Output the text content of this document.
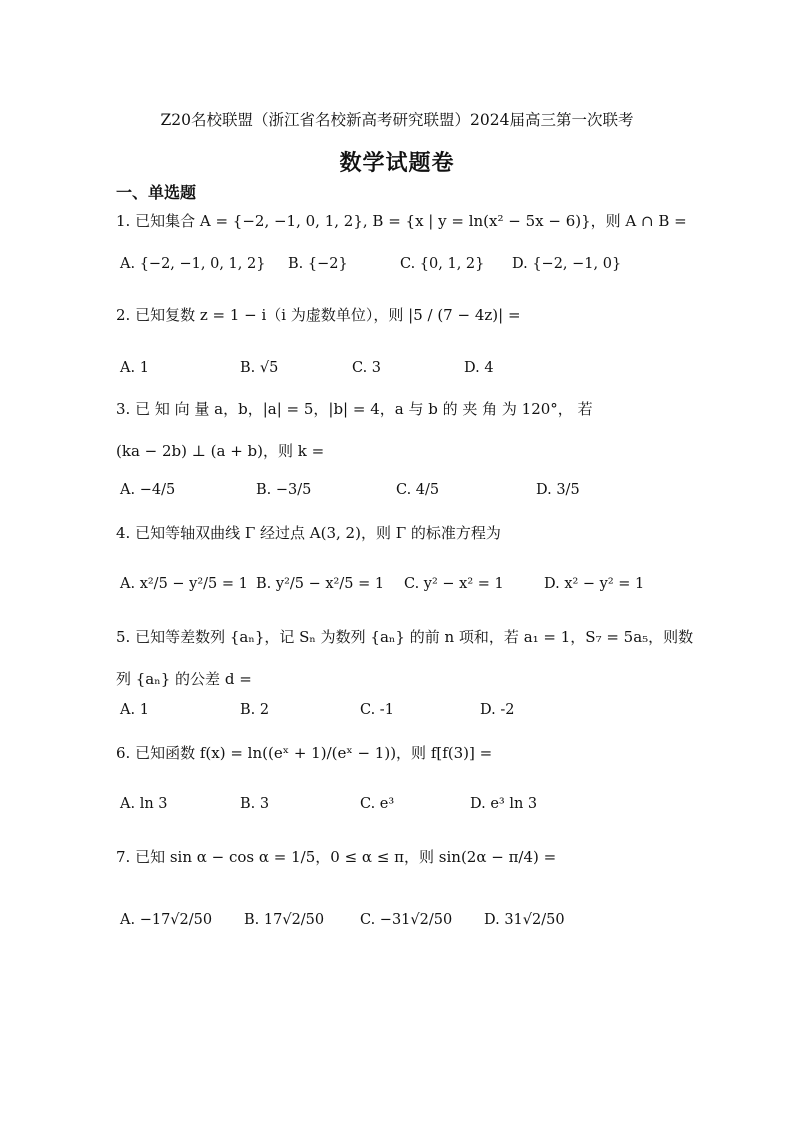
Z20名校联盟（浙江省名校新高考研究联盟）2024届高三第一次联考
数学试题卷
一、单选题
1. 已知集合 A = {−2, −1, 0, 1, 2}, B = {x | y = ln(x² − 5x − 6)}，则 A ∩ B =
A. {−2, −1, 0, 1, 2} B. {−2}	C. {0, 1, 2} D. {−2, −1, 0}
2. 已知复数 z = 1 − i（i 为虚数单位），则 |5 / (7 − 4z)| =
A. 1	B. √5	C. 3	D. 4
3. 已 知 向 量 a，b，|a| = 5，|b| = 4，a 与 b 的 夹 角 为 120°， 若
(ka − 2b) ⊥ (a + b)，则 k =
A. −4/5	B. −3/5	C. 4/5	D. 3/5
4. 已知等轴双曲线 Γ 经过点 A(3, 2)，则 Γ 的标准方程为
A. x²/5 − y²/5 = 1 B. y²/5 − x²/5 = 1 C. y² − x² = 1	D. x² − y² = 1
5. 已知等差数列 {aₙ}，记 Sₙ 为数列 {aₙ} 的前 n 项和，若 a₁ = 1，S₇ = 5a₅，则数
列 {aₙ} 的公差 d =
A. 1	B. 2	C. -1	D. -2
6. 已知函数 f(x) = ln((eˣ + 1)/(eˣ − 1))，则 f[f(3)] =
A. ln 3	B. 3	C. e³	D. e³ ln 3
7. 已知 sin α − cos α = 1/5，0 ≤ α ≤ π，则 sin(2α − π/4) =
A. −17√2/50 B. 17√2/50 C. −31√2/50 D. 31√2/50
